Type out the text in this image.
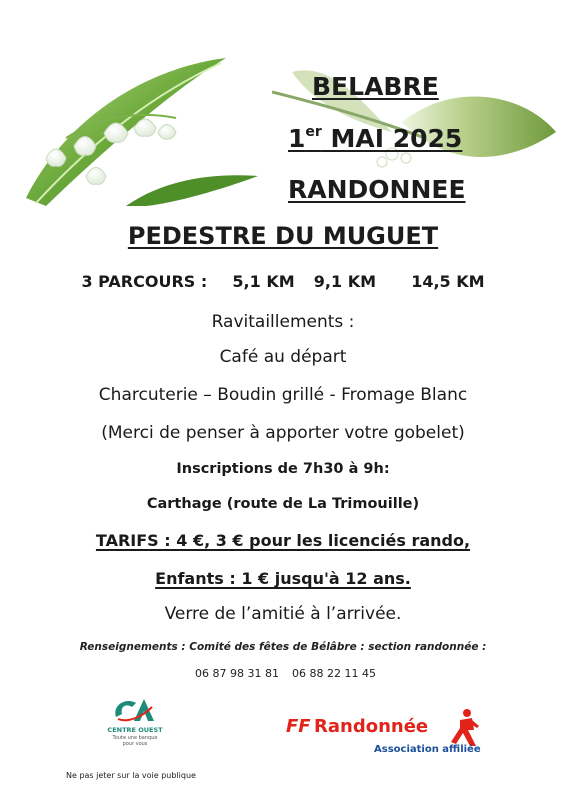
BELABRE
1er MAI 2025
RANDONNEE
PEDESTRE DU MUGUET
3 PARCOURS : 5,1 KM 9,1 KM 14,5 KM
Ravitaillements :
Café au départ
Charcuterie – Boudin grillé - Fromage Blanc
(Merci de penser à apporter votre gobelet)
Inscriptions de 7h30 à 9h:
Carthage (route de La Trimouille)
TARIFS : 4 €, 3 € pour les licenciés rando,
Enfants : 1 € jusqu'à 12 ans.
Verre de l’amitié à l’arrivée.
Renseignements : Comité des fêtes de Bélâbre : section randonnée :
06 87 98 31 81 06 88 22 11 45
CENTRE OUEST
Toute une banque pour vous
FF Randonnée
Association affiliée
Ne pas jeter sur la voie publique
